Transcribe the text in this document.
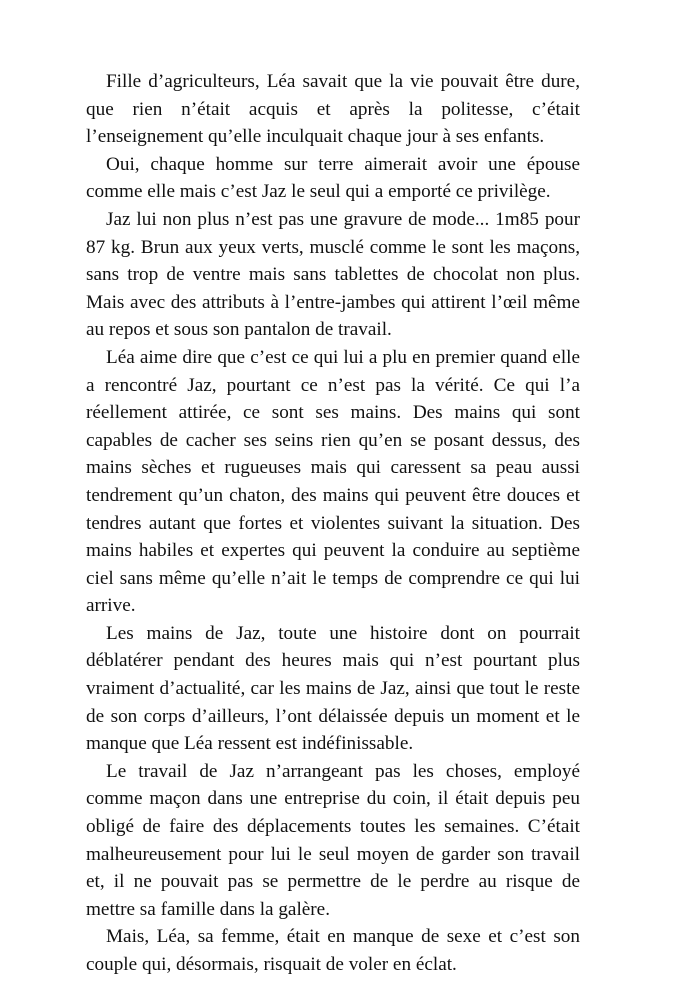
Fille d’agriculteurs, Léa savait que la vie pouvait être dure, que rien n’était acquis et après la politesse, c’était l’enseignement qu’elle inculquait chaque jour à ses enfants.

Oui, chaque homme sur terre aimerait avoir une épouse comme elle mais c’est Jaz le seul qui a emporté ce privilège.

Jaz lui non plus n’est pas une gravure de mode... 1m85 pour 87 kg. Brun aux yeux verts, musclé comme le sont les maçons, sans trop de ventre mais sans tablettes de chocolat non plus. Mais avec des attributs à l’entre-jambes qui attirent l’œil même au repos et sous son pantalon de travail.

Léa aime dire que c’est ce qui lui a plu en premier quand elle a rencontré Jaz, pourtant ce n’est pas la vérité. Ce qui l’a réellement attirée, ce sont ses mains. Des mains qui sont capables de cacher ses seins rien qu’en se posant dessus, des mains sèches et rugueuses mais qui caressent sa peau aussi tendrement qu’un chaton, des mains qui peuvent être douces et tendres autant que fortes et violentes suivant la situation. Des mains habiles et expertes qui peuvent la conduire au septième ciel sans même qu’elle n’ait le temps de comprendre ce qui lui arrive.

Les mains de Jaz, toute une histoire dont on pourrait déblatérer pendant des heures mais qui n’est pourtant plus vraiment d’actualité, car les mains de Jaz, ainsi que tout le reste de son corps d’ailleurs, l’ont délaissée depuis un moment et le manque que Léa ressent est indéfinissable.

Le travail de Jaz n’arrangeant pas les choses, employé comme maçon dans une entreprise du coin, il était depuis peu obligé de faire des déplacements toutes les semaines. C’était malheureusement pour lui le seul moyen de garder son travail et, il ne pouvait pas se permettre de le perdre au risque de mettre sa famille dans la galère.

Mais, Léa, sa femme, était en manque de sexe et c’est son couple qui, désormais, risquait de voler en éclat.
